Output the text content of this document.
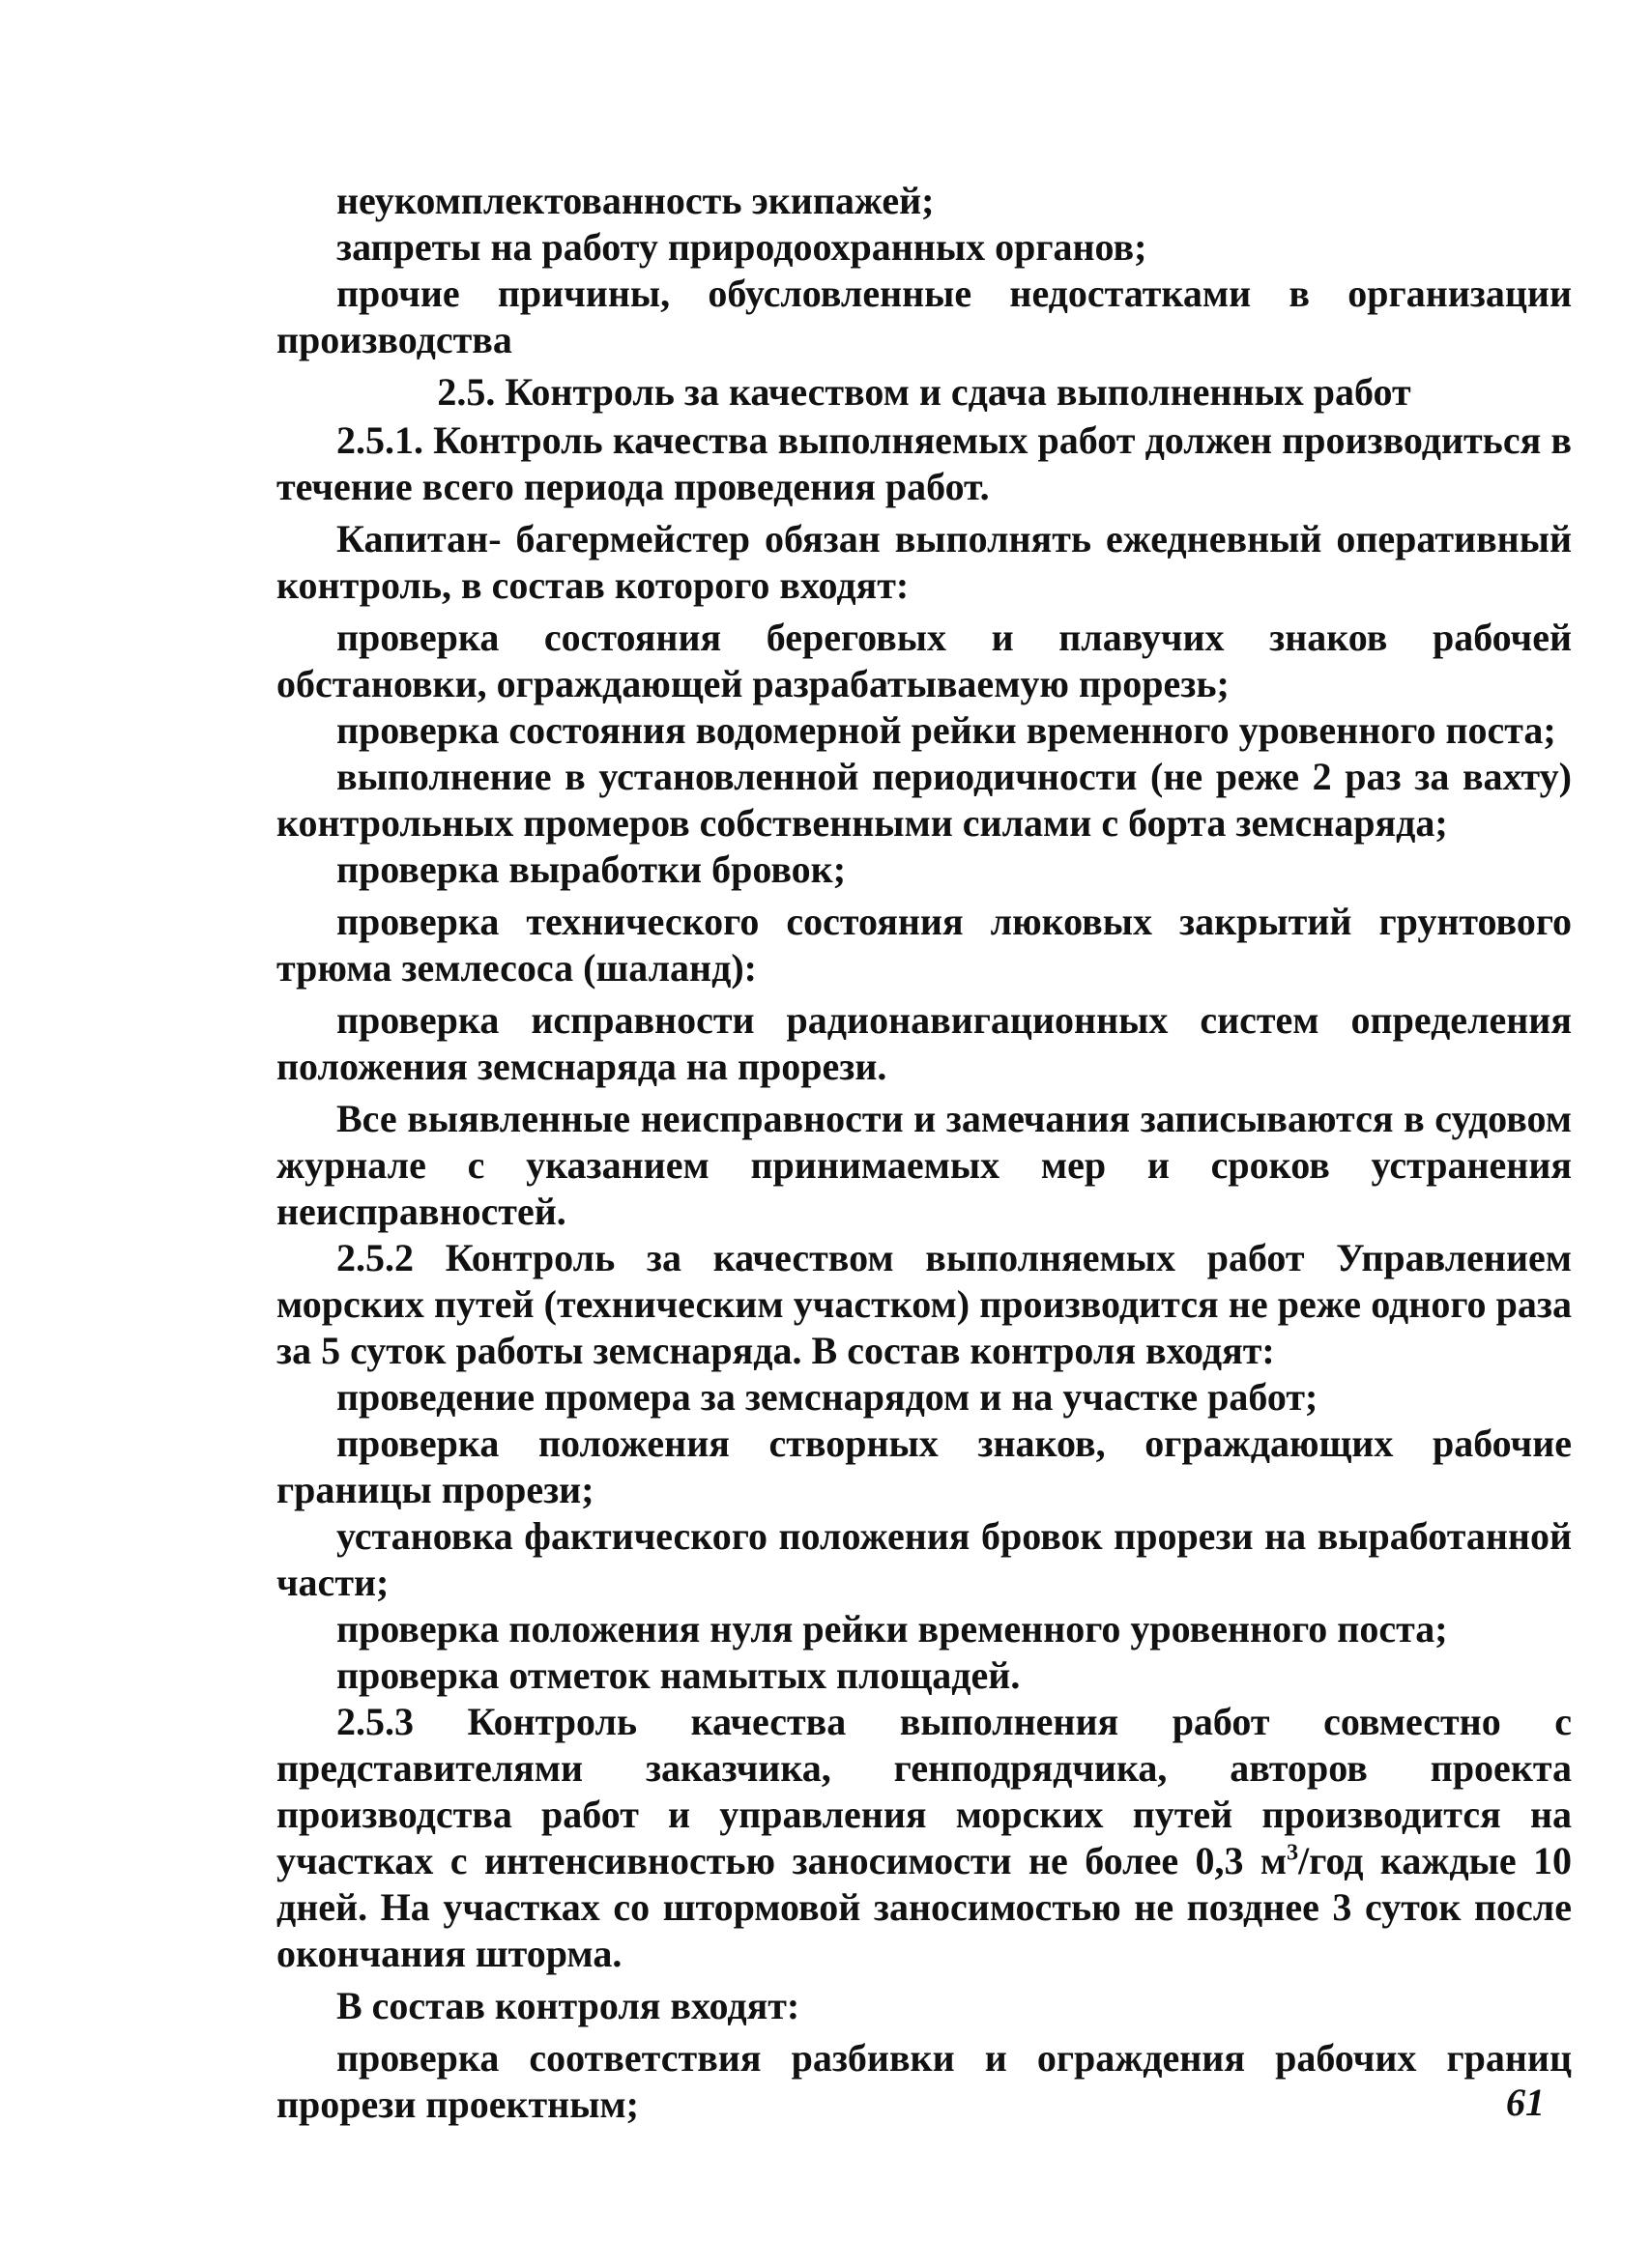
неукомплектованность экипажей;

запреты на работу природоохранных органов;

прочие причины, обусловленные недостатками в организации производства

2.5. Контроль за качеством и сдача выполненных работ

2.5.1. Контроль качества выполняемых работ должен производиться в течение всего периода проведения работ.

Капитан- багермейстер обязан выполнять ежедневный оперативный контроль, в состав которого входят:

проверка состояния береговых и плавучих знаков рабочей обстановки, ограждающей разрабатываемую прорезь;

проверка состояния водомерной рейки временного уровенного поста;

выполнение в установленной периодичности (не реже 2 раз за вахту) контрольных промеров собственными силами с борта земснаряда;

проверка выработки бровок;

проверка технического состояния люковых закрытий грунтового трюма землесоса (шаланд):

проверка исправности радионавигационных систем определения положения земснаряда на прорези.

Все выявленные неисправности и замечания записываются в судовом журнале с указанием принимаемых мер и сроков устранения неисправностей.

2.5.2 Контроль за качеством выполняемых работ Управлением морских путей (техническим участком) производится не реже одного раза за 5 суток работы земснаряда. В состав контроля входят:

проведение промера за земснарядом и на участке работ;

проверка положения створных знаков, ограждающих рабочие границы прорези;

установка фактического положения бровок прорези на выработанной части;

проверка положения нуля рейки временного уровенного поста;

проверка отметок намытых площадей.

2.5.3 Контроль качества выполнения работ совместно с представителями заказчика, генподрядчика, авторов проекта производства работ и управления морских путей производится на участках с интенсивностью заносимости не более 0,3 $м^3$/год каждые 10 дней. На участках со штормовой заносимостью не позднее 3 суток после окончания шторма.

В состав контроля входят:

проверка соответствия разбивки и ограждения рабочих границ прорези проектным;	61
